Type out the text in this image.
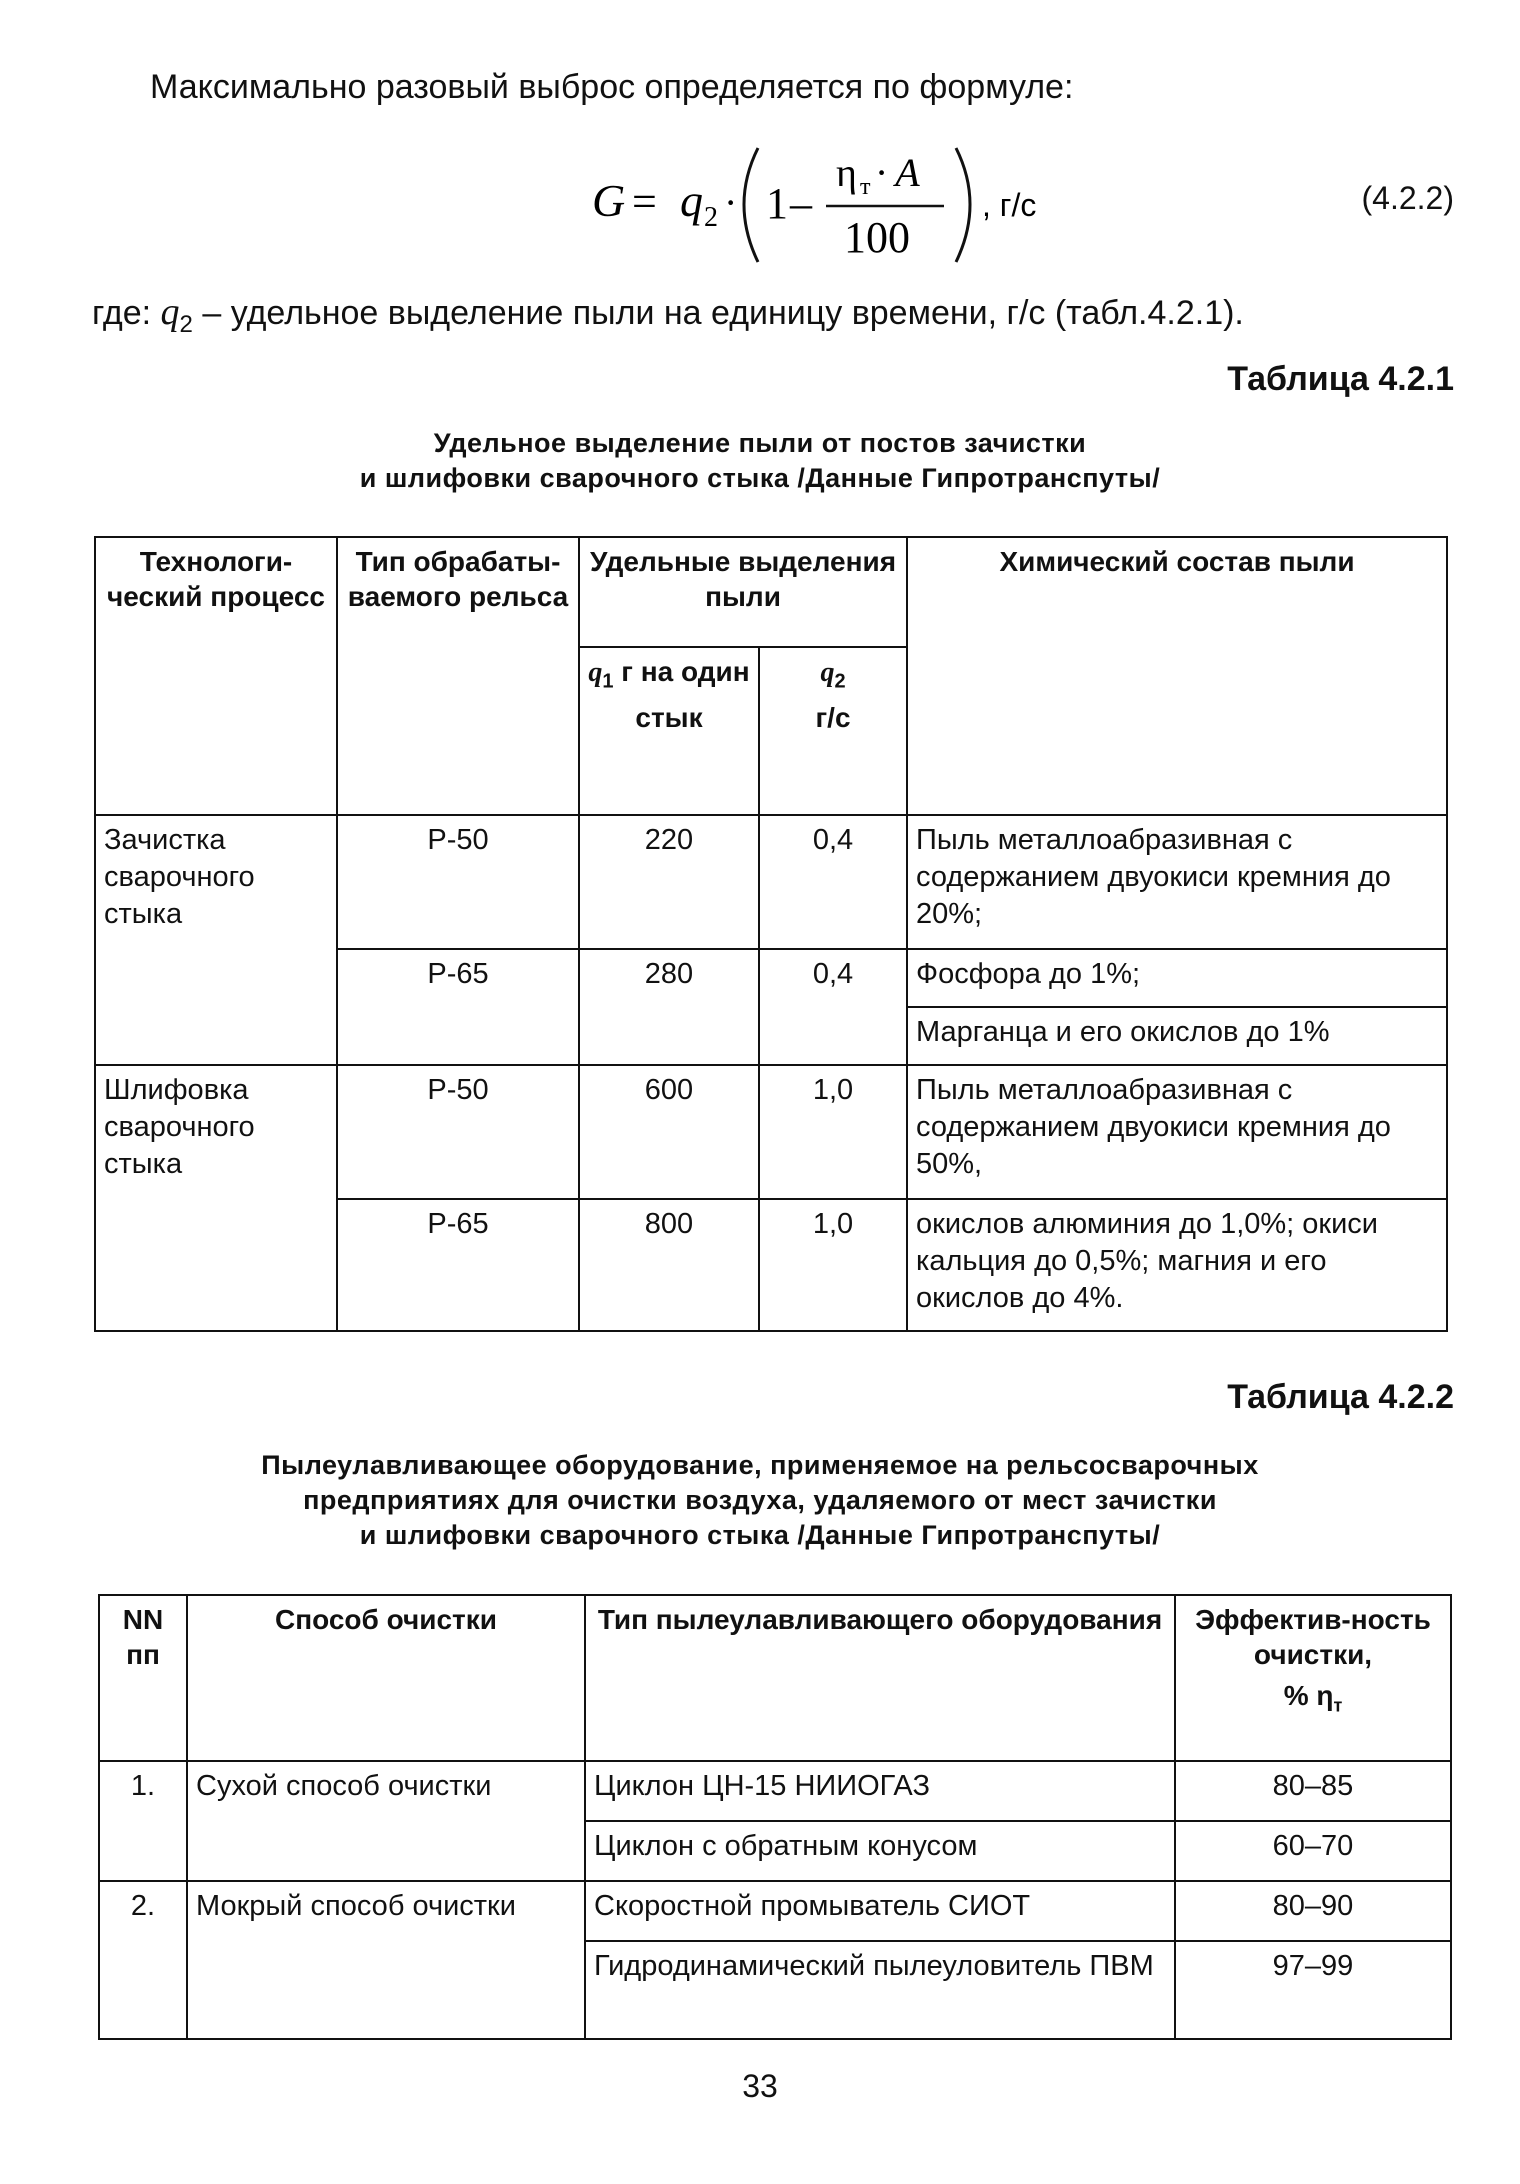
Максимально разовый выброс определяется по формуле:
G = q 2 · 1 –
η т · A
100
, г/с	(4.2.2)
где: $q_2$ – удельное выделение пыли на единицу времени, г/с (табл.4.2.1).
Таблица 4.2.1
Удельное выделение пыли от постов зачистки
и шлифовки сварочного стыка /Данные Гипротранспуты/
Технологи-ческий процесс	Тип обрабаты-ваемого рельса	Удельные выделения пыли		Химический состав пыли
		$q_1$ г на один стык	$q_2$
г/с	
Зачистка сварочного стыка	Р-50	220	0,4	Пыль металлоабразивная с содержанием двуокиси кремния до 20%;
	Р-65	280	0,4	Фосфора до 1%;
				Марганца и его окислов до 1%
Шлифовка сварочного стыка	Р-50	600	1,0	Пыль металлоабразивная с содержанием двуокиси кремния до 50%,
	Р-65	800	1,0	окислов алюминия до 1,0%; окиси кальция до 0,5%; магния и его окислов до 4%.
Таблица 4.2.2
Пылеулавливающее оборудование, применяемое на рельсосварочных
предприятиях для очистки воздуха, удаляемого от мест зачистки
и шлифовки сварочного стыка /Данные Гипротранспуты/
NN пп	Способ очистки	Тип пылеулавливающего оборудования	Эффектив-ность очистки,
% $\eta_т$
1.	Сухой способ очистки	Циклон ЦН-15 НИИОГАЗ	80–85
		Циклон с обратным конусом	60–70
2.	Мокрый способ очистки	Скоростной промыватель СИОТ	80–90
		Гидродинамический пылеуловитель ПВМ	97–99
33
